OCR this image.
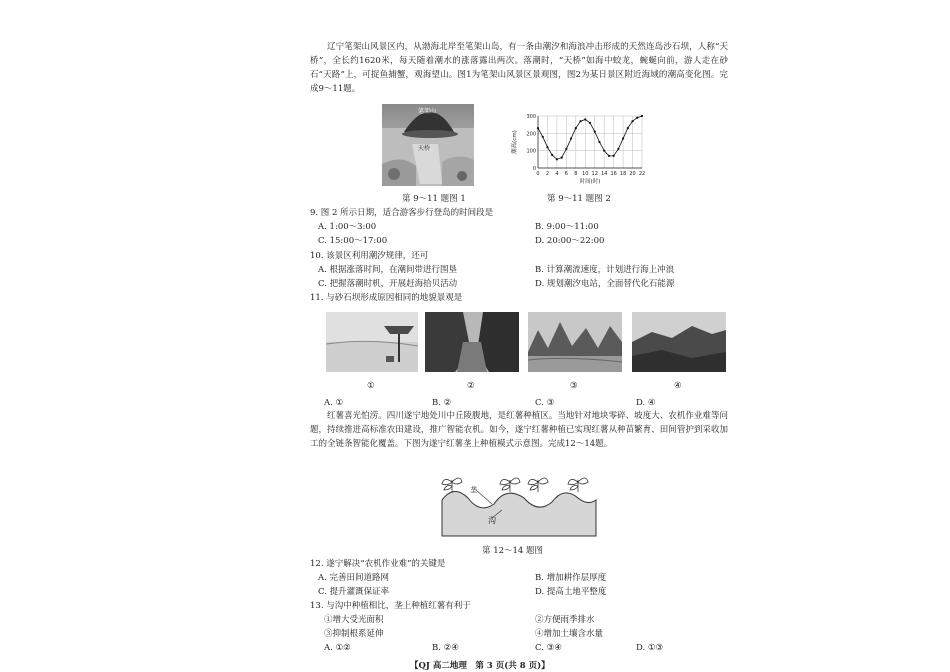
辽宁笔架山风景区内，从渤海北岸至笔架山岛，有一条由潮汐和海浪冲击形成的天然连岛沙石坝，人称“天桥”，全长约1620米，每天随着潮水的涨落露出两次。落潮时，“天桥”如海中蛟龙，蜿蜒向前，游人走在砂石“天路”上，可捉鱼捕蟹，观海望山。图1为笔架山风景区景观图，图2为某日景区附近海域的潮高变化图。完成9～11题。
笔架山
天桥
第 9～11 题图 1
0 2 4 6 8 10 12 14 16 18 20 22
0
100
200
300
时间(时)
潮高(cm)
第 9～11 题图 2
9. 图 2 所示日期，适合游客步行登岛的时间段是
A. 1:00～3:00	B. 9:00～11:00
C. 15:00～17:00	D. 20:00～22:00
10. 该景区利用潮汐规律，还可
A. 根据涨落时间，在潮间带进行围垦	B. 计算潮流速度，计划进行海上冲浪
C. 把握落潮时机，开展赶海拾贝活动	D. 规划潮汐电站，全面替代化石能源
11. 与砂石坝形成原因相同的地貌景观是
①	②	③	④
A. ①	B. ②	C. ③	D. ④
红薯喜光怕涝。四川遂宁地处川中丘陵腹地，是红薯种植区。当地针对地块零碎、坡度大、农机作业难等问题，持续推进高标准农田建设，推广智能农机。如今，遂宁红薯种植已实现红薯从种苗繁育、田间管护到采收加工的全链条智能化覆盖。下图为遂宁红薯垄上种植模式示意图。完成12～14题。
垄
沟
第 12～14 题图
12. 遂宁解决“农机作业难”的关键是
A. 完善田间道路网	B. 增加耕作层厚度
C. 提升灌溉保证率	D. 提高土地平整度
13. 与沟中种植相比，垄上种植红薯有利于
①增大受光面积	②方便雨季排水
③抑制根系延伸	④增加土壤含水量
A. ①②	B. ②④	C. ③④	D. ①③
【QJ 高二地理　第 3 页(共 8 页)】
